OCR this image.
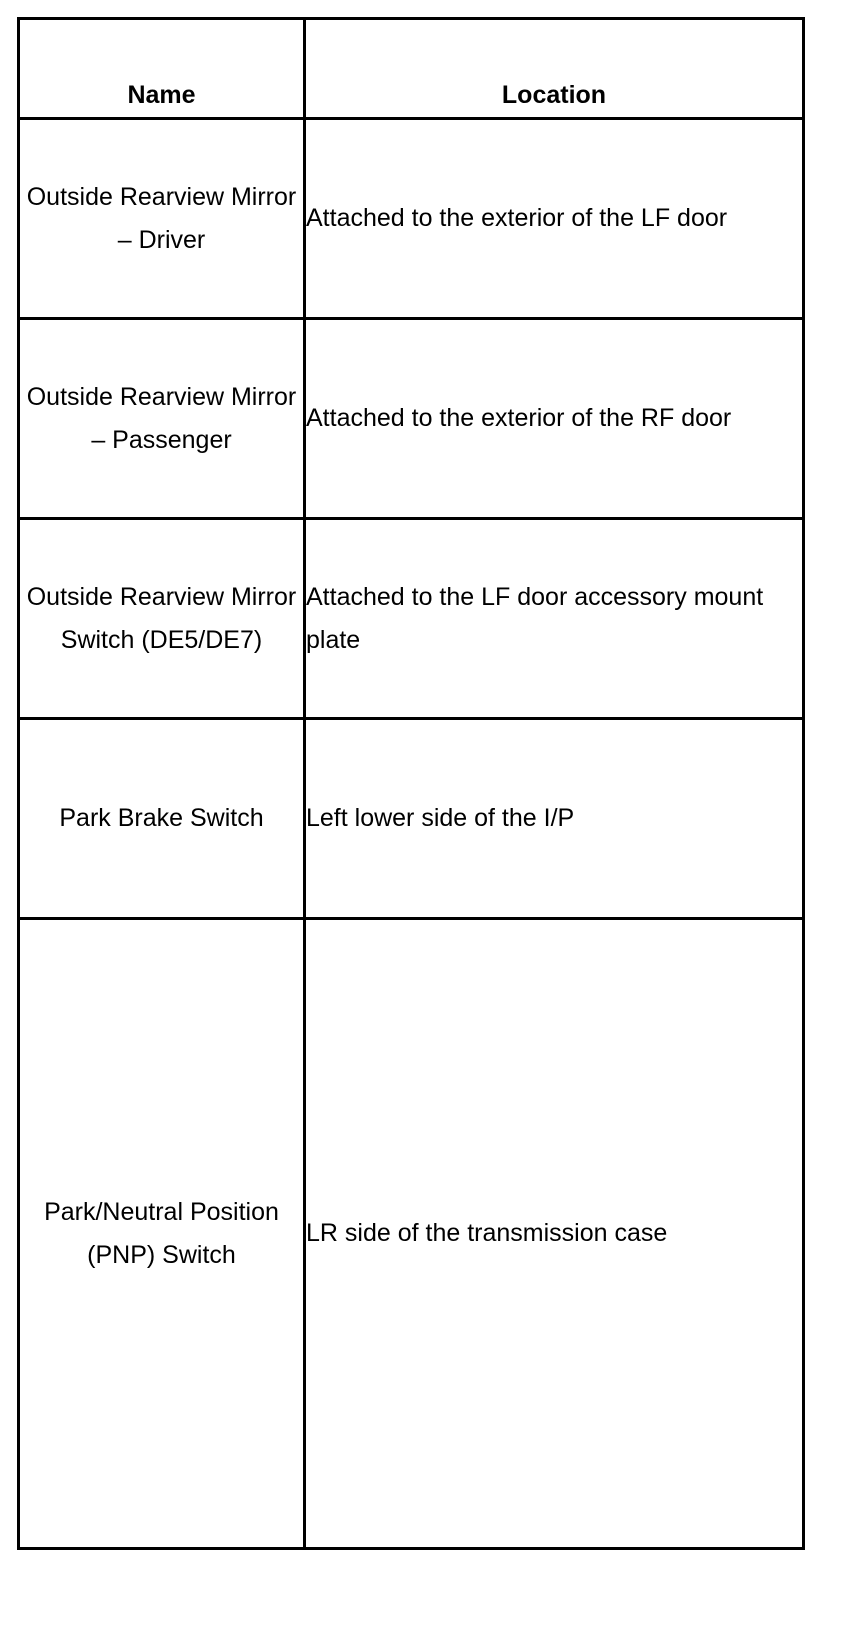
Name	Location
Outside Rearview Mirror – Driver	Attached to the exterior of the LF door
Outside Rearview Mirror – Passenger	Attached to the exterior of the RF door
Outside Rearview Mirror Switch (DE5/DE7)	Attached to the LF door accessory mount plate
Park Brake Switch	Left lower side of the I/P
Park/Neutral Position (PNP) Switch	LR side of the transmission case
